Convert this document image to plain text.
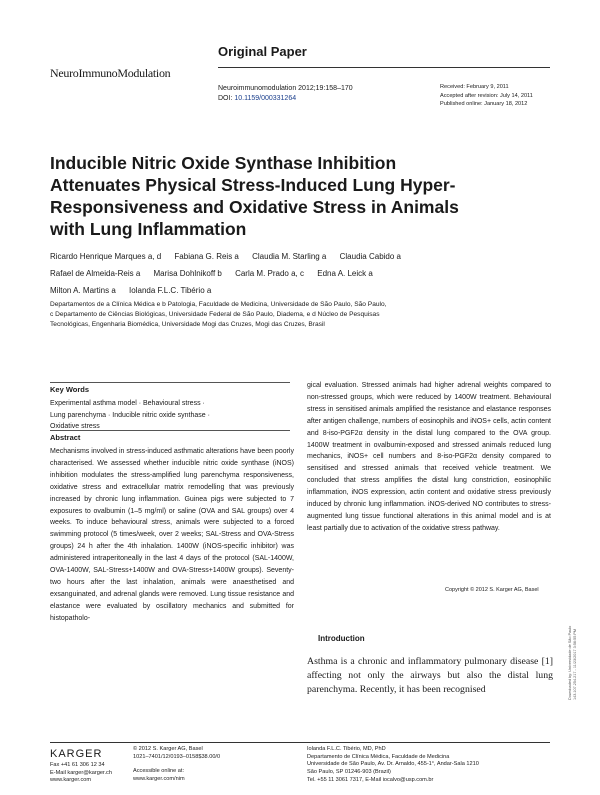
NeuroImmunoModulation
Original Paper
Neuroimmunomodulation 2012;19:158–170
DOI: 10.1159/000331264
Received: February 9, 2011
Accepted after revision: July 14, 2011
Published online: January 18, 2012
Inducible Nitric Oxide Synthase Inhibition Attenuates Physical Stress-Induced Lung Hyper-Responsiveness and Oxidative Stress in Animals with Lung Inflammation
Ricardo Henrique Marques a, d Fabiana G. Reis a Claudia M. Starling a Claudia Cabido a
Rafael de Almeida-Reis a Marisa Dohlnikoff b Carla M. Prado a, c Edna A. Leick a
Milton A. Martins a Iolanda F.L.C. Tibério a
Departamentos de a Clínica Médica e b Patologia, Faculdade de Medicina, Universidade de São Paulo, São Paulo,
c Departamento de Ciências Biológicas, Universidade Federal de São Paulo, Diadema, e d Núcleo de Pesquisas
Tecnológicas, Engenharia Biomédica, Universidade Mogi das Cruzes, Mogi das Cruzes, Brasil
Key Words
Experimental asthma model · Behavioural stress ·
Lung parenchyma · Inducible nitric oxide synthase ·
Oxidative stress
Abstract
Mechanisms involved in stress-induced asthmatic alterations have been poorly characterised. We assessed whether inducible nitric oxide synthase (iNOS) inhibition modulates the stress-amplified lung parenchyma responsiveness, oxidative stress and extracellular matrix remodelling that was previously increased by chronic lung inflammation. Guinea pigs were subjected to 7 exposures to ovalbumin (1–5 mg/ml) or saline (OVA and SAL groups) over 4 weeks. To induce behavioural stress, animals were subjected to a forced swimming protocol (5 times/week, over 2 weeks; SAL-Stress and OVA-Stress groups) 24 h after the 4th inhalation. 1400W (iNOS-specific inhibitor) was administered intraperitoneally in the last 4 days of the protocol (SAL-1400W, OVA-1400W, SAL-Stress+1400W and OVA-Stress+1400W groups). Seventy-two hours after the last inhalation, animals were anaesthetised and exsanguinated, and adrenal glands were removed. Lung tissue resistance and elastance were evaluated by oscillatory mechanics and submitted for histopatholo-
gical evaluation. Stressed animals had higher adrenal weights compared to non-stressed groups, which were reduced by 1400W treatment. Behavioural stress in sensitised animals amplified the resistance and elastance responses after antigen challenge, numbers of eosinophils and iNOS+ cells, actin content and 8-iso-PGF2α density in the distal lung compared to the OVA group. 1400W treatment in ovalbumin-exposed and stressed animals reduced lung mechanics, iNOS+ cell numbers and 8-iso-PGF2α density compared to sensitised and stressed animals that received vehicle treatment. We concluded that stress amplifies the distal lung constriction, eosinophilic inflammation, iNOS expression, actin content and oxidative stress previously induced by chronic lung inflammation. iNOS-derived NO contributes to stress-augmented lung tissue functional alterations in this animal model and is at least partially due to activation of the oxidative stress pathway.
Copyright © 2012 S. Karger AG, Basel
Introduction
Asthma is a chronic and inflammatory pulmonary disease [1] affecting not only the airways but also the distal lung parenchyma. Recently, it has been recognised
KARGER
Fax +41 61 306 12 34
E-Mail karger@karger.ch
www.karger.com
© 2012 S. Karger AG, Basel
1021–7401/12/0193–0158$38.00/0
Accessible online at:
www.karger.com/nim
Iolanda F.L.C. Tibério, MD, PhD
Departamento de Clínica Médica, Faculdade de Medicina
Universidade de São Paulo, Av. Dr. Arnaldo, 455-1°, Andar-Sala 1210
São Paulo, SP 01246-903 (Brazil)
Tel. +55 11 3061 7317, E-Mail iocalvo@usp.com.br
Downloaded by: Universidade de São Paulo 143.107.254.217 - 11/23/2017 3:56:55 PM
